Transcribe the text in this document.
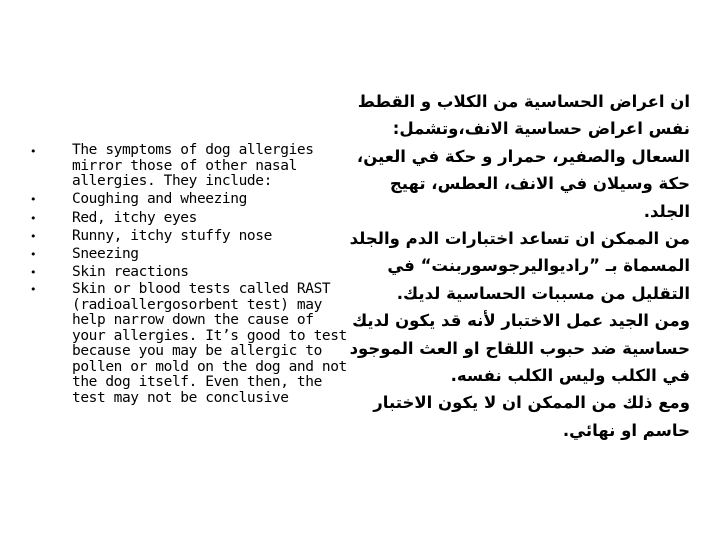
• The symptoms of dog allergies mirror those of other nasal allergies. They include:
• Coughing and wheezing
• Red, itchy eyes
• Runny, itchy stuffy nose
• Sneezing
• Skin reactions
• Skin or blood tests called RAST (radioallergosorbent test) may help narrow down the cause of your allergies. It’s good to test because you may be allergic to pollen or mold on the dog and not the dog itself. Even then, the test may not be conclusive
ان اعراض الحساسية من الكلاب و القطط
نفس اعراض حساسية الانف،وتشمل:
السعال والصفير، حمرار و حكة في العين،
حكة وسيلان في الانف، العطس، تهيج
الجلد.
من الممكن ان تساعد اختبارات الدم والجلد
المسماة بـ ”راديواليرجوسوربنت“ في
التقليل من مسببات الحساسية لديك.
ومن الجيد عمل الاختبار لأنه قد يكون لديك
حساسية ضد حبوب اللقاح او العث الموجود
في الكلب وليس الكلب نفسه.
ومع ذلك من الممكن ان لا يكون الاختبار
حاسم او نهائي.
